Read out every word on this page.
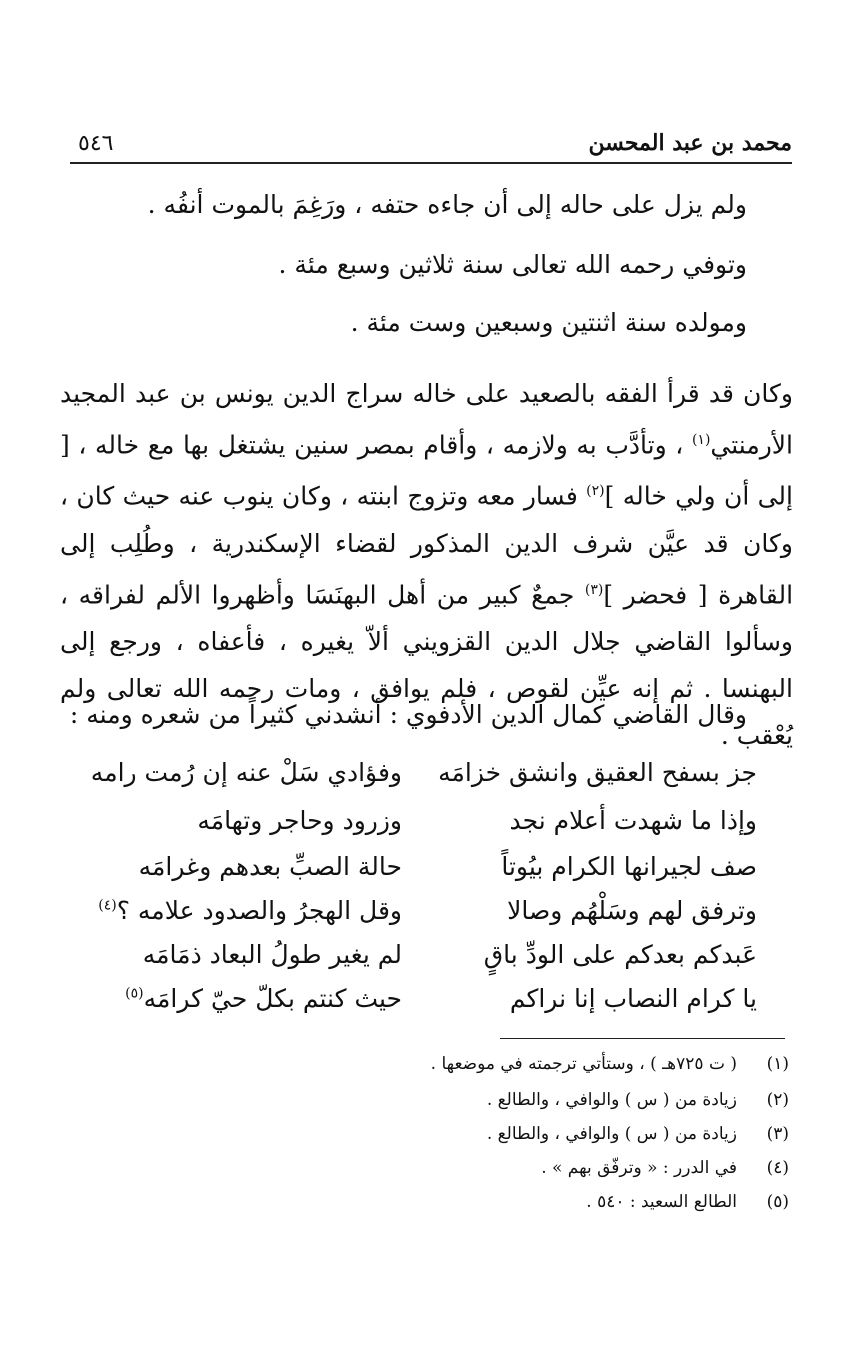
محمد بن عبد المحسن
٥٤٦
ولم يزل على حاله إلى أن جاءه حتفه ، ورَغِمَ بالموت أنفُه .
وتوفي رحمه الله تعالى سنة ثلاثين وسبع مئة .
ومولده سنة اثنتين وسبعين وست مئة .
وكان قد قرأ الفقه بالصعيد على خاله سراج الدين يونس بن عبد المجيد الأرمنتي$^{(١)}$ ، وتأدَّب به ولازمه ، وأقام بمصر سنين يشتغل بها مع خاله ، [ إلى أن ولي خاله ]$^{(٢)}$ فسار معه وتزوج ابنته ، وكان ينوب عنه حيث كان ، وكان قد عيَّن شرف الدين المذكور لقضاء الإسكندرية ، وطُلِب إلى القاهرة [ فحضر ]$^{(٣)}$ جمعٌ كبير من أهل البهنَسَا وأظهروا الألم لفراقه ، وسألوا القاضي جلال الدين القزويني ألاّ يغيره ، فأعفاه ، ورجع إلى البهنسا . ثم إنه عيِّن لقوص ، فلم يوافق ، ومات رحمه الله تعالى ولم يُعْقب .
وقال القاضي كمال الدين الأدفوي : أنشدني كثيراً من شعره ومنه :
جز بسفح العقيق وانشق خزامَه
وفؤادي سَلْ عنه إن رُمت رامه
وإذا ما شهدت أعلام نجد
وزرود وحاجر وتهامَه
صف لجيرانها الكرام بيُوتاً
حالة الصبِّ بعدهم وغرامَه
وترفق لهم وسَلْهُم وصالا
وقل الهجرُ والصدود علامه ؟$^{(٤)}$
عَبدكم بعدكم على الودِّ باقٍ
لم يغير طولُ البعاد ذمَامَه
يا كرام النصاب إنا نراكم
حيث كنتم بكلّ حيّ كرامَه$^{(٥)}$
(١)
( ت ٧٢٥هـ ) ، وستأتي ترجمته في موضعها .
(٢)
زيادة من ( س ) والوافي ، والطالع .
(٣)
زيادة من ( س ) والوافي ، والطالع .
(٤)
في الدرر : « وترفّق بهم » .
(٥)
الطالع السعيد : ٥٤٠ .
